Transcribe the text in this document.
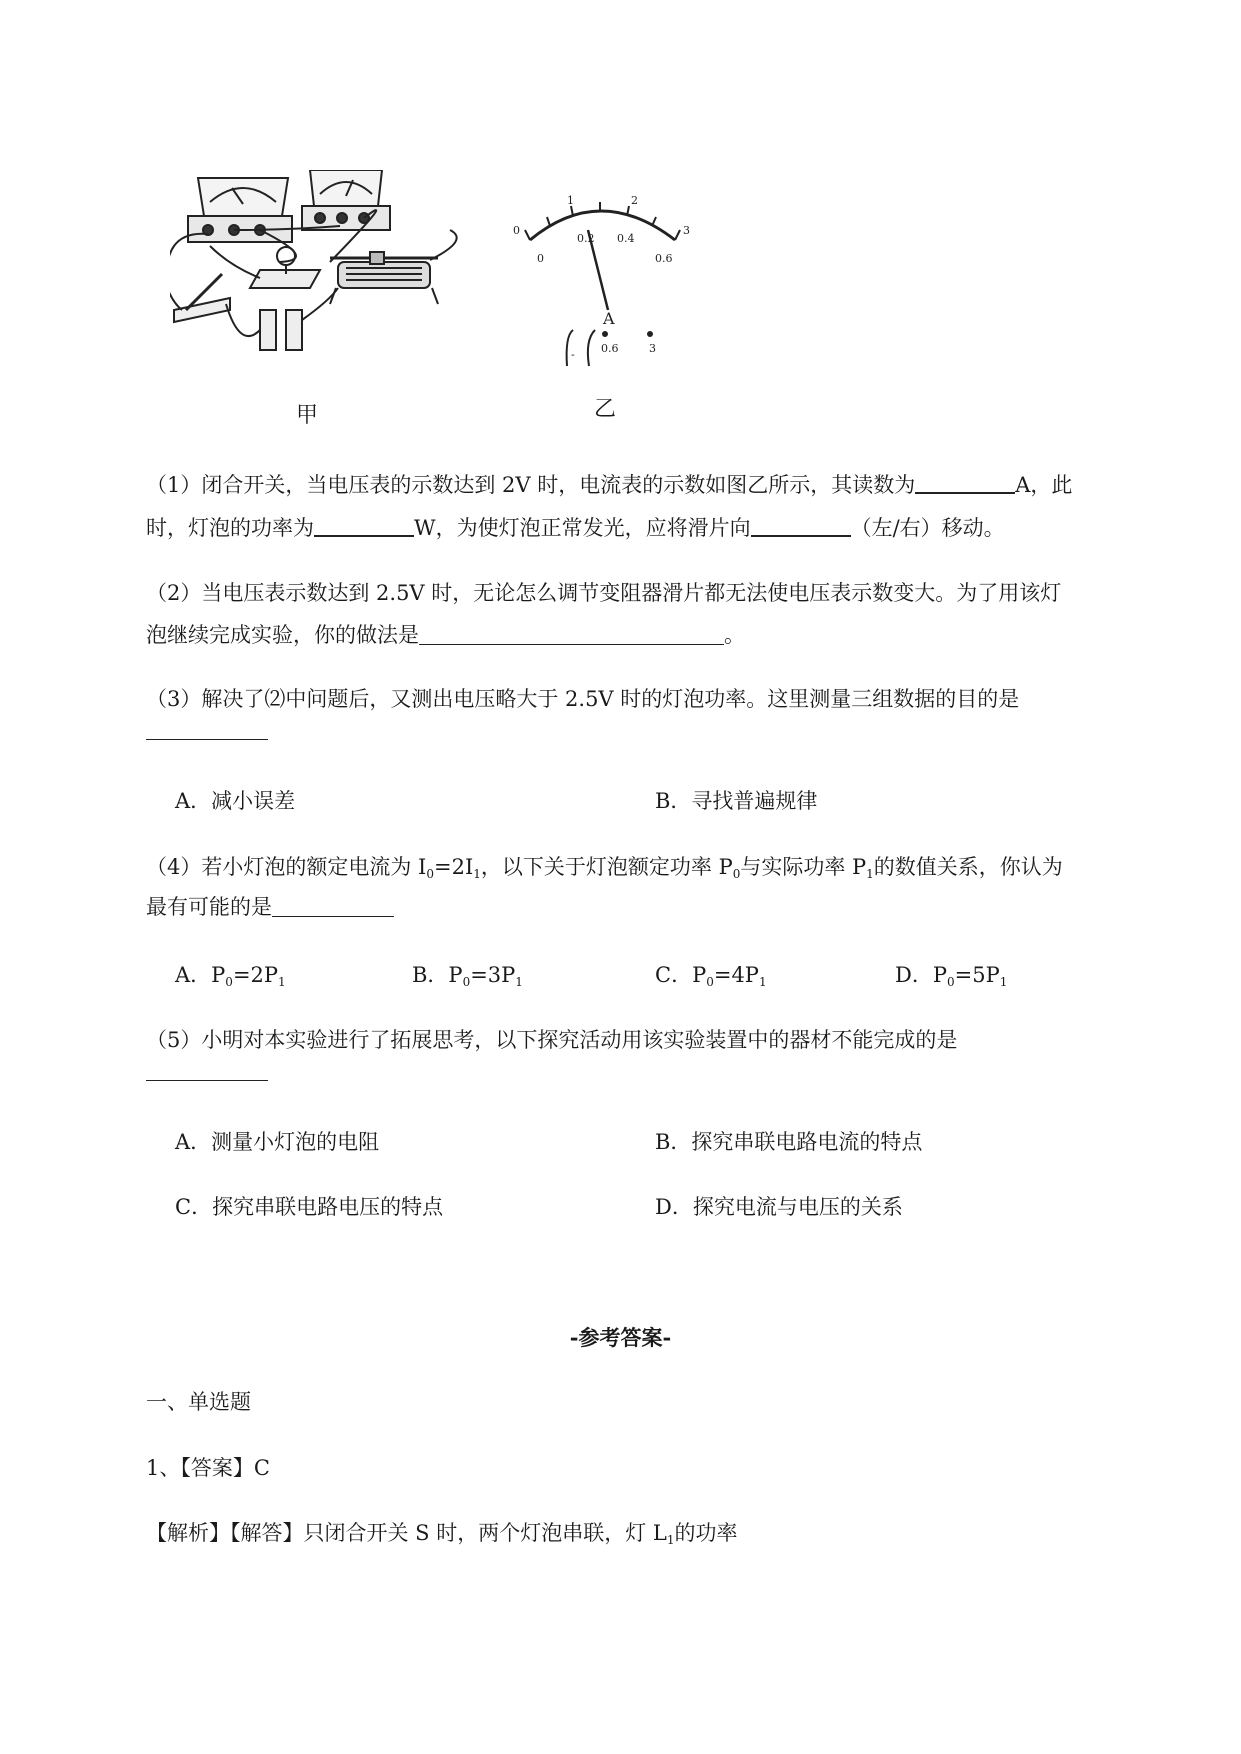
甲
0
1	2
3
0
0.2 0.4
0.6
A
- 0.6	3
乙
（1）闭合开关，当电压表的示数达到 2V 时，电流表的示数如图乙所示，其读数为	A，此
时，灯泡的功率为	W，为使灯泡正常发光，应将滑片向	（左/右）移动。
（2）当电压表示数达到 2.5V 时，无论怎么调节变阻器滑片都无法使电压表示数变大。为了用该灯
泡继续完成实验，你的做法是	。
（3）解决了⑵中问题后，又测出电压略大于 2.5V 时的灯泡功率。这里测量三组数据的目的是
A．减小误差	B．寻找普遍规律
（4）若小灯泡的额定电流为 $I_0=2I_1$，以下关于灯泡额定功率 $P_0$与实际功率 $P_1$的数值关系，你认为
最有可能的是
A．$P_0=2P_1$	B．$P_0=3P_1$	C．$P_0=4P_1$	D．$P_0=5P_1$
（5）小明对本实验进行了拓展思考，以下探究活动用该实验装置中的器材不能完成的是
A．测量小灯泡的电阻	B．探究串联电路电流的特点
C．探究串联电路电压的特点	D．探究电流与电压的关系
-参考答案-
一、单选题
1、【答案】C
【解析】【解答】只闭合开关 S 时，两个灯泡串联，灯 $L_1$的功率
